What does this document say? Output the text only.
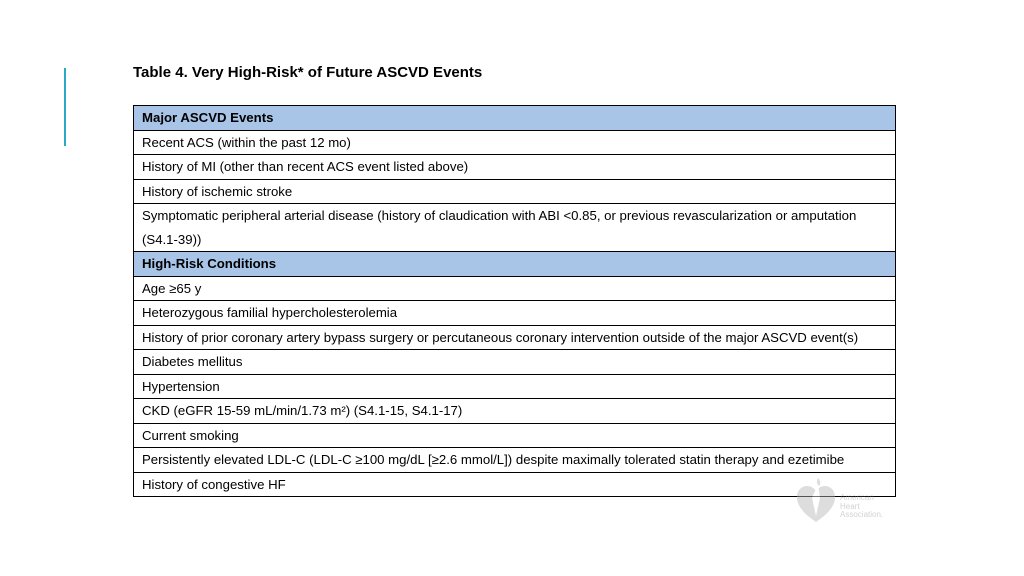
Table 4. Very High-Risk* of Future ASCVD Events
Major ASCVD Events
Recent ACS (within the past 12 mo)
History of MI (other than recent ACS event listed above)
History of ischemic stroke
Symptomatic peripheral arterial disease (history of claudication with ABI <0.85, or previous revascularization or amputation (S4.1-39))
High-Risk Conditions
Age ≥65 y
Heterozygous familial hypercholesterolemia
History of prior coronary artery bypass surgery or percutaneous coronary intervention outside of the major ASCVD event(s)
Diabetes mellitus
Hypertension
CKD (eGFR 15-59 mL/min/1.73 m²) (S4.1-15, S4.1-17)
Current smoking
Persistently elevated LDL-C (LDL-C ≥100 mg/dL [≥2.6 mmol/L]) despite maximally tolerated statin therapy and ezetimibe
History of congestive HF
American
Heart
Association.
